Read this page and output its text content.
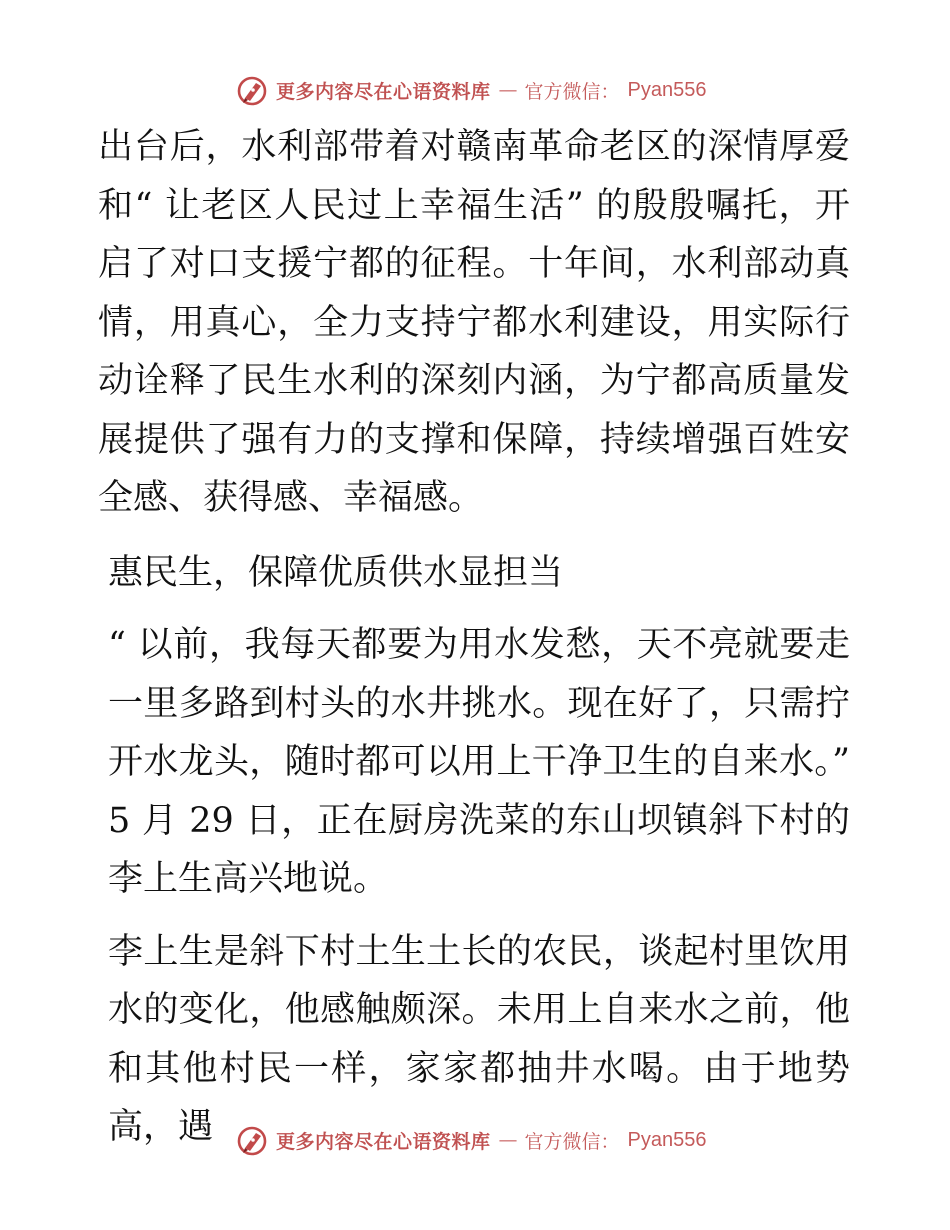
更多内容尽在心语资料库 — 官方微信： Pyan556

出台后，水利部带着对赣南革命老区的深情厚爱和“ 让老区人民过上幸福生活” 的殷殷嘱托，开启了对口支援宁都的征程。十年间，水利部动真情，用真心，全力支持宁都水利建设，用实际行动诠释了民生水利的深刻内涵，为宁都高质量发展提供了强有力的支撑和保障，持续增强百姓安全感、获得感、幸福感。

惠民生，保障优质供水显担当

“ 以前，我每天都要为用水发愁，天不亮就要走一里多路到村头的水井挑水。现在好了，只需拧开水龙头，随时都可以用上干净卫生的自来水。” 5 月 29 日，正在厨房洗菜的东山坝镇斜下村的李上生高兴地说。

李上生是斜下村土生土长的农民，谈起村里饮用水的变化，他感触颇深。未用上自来水之前，他和其他村民一样，家家都抽井水喝。由于地势高，遇	更多内容尽在心语资料库 — 官方微信： Pyan556
